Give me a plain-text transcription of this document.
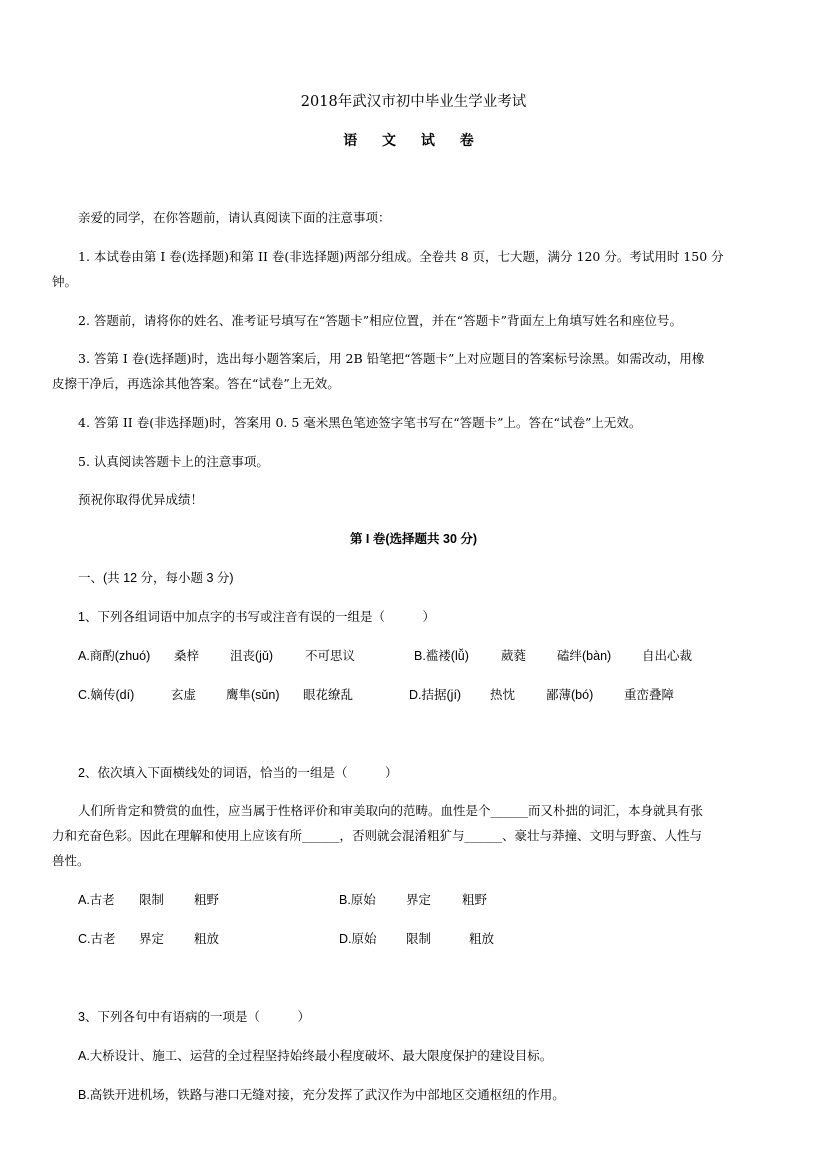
2018年武汉市初中毕业生学业考试
语 文 试 卷
亲爱的同学，在你答题前，请认真阅读下面的注意事项：
1. 本试卷由第 I 卷(选择题)和第 II 卷(非选择题)两部分组成。全卷共 8 页，七大题，满分 120 分。考试用时 150 分
钟。
2. 答题前，请将你的姓名、准考证号填写在“答题卡”相应位置，并在“答题卡”背面左上角填写姓名和座位号。
3. 答第 I 卷(选择题)时，选出每小题答案后，用 2B 铅笔把“答题卡”上对应题目的答案标号涂黑。如需改动，用橡
皮擦干净后，再选涂其他答案。答在“试卷”上无效。
4. 答第 II 卷(非选择题)时，答案用 0. 5 毫米黑色笔迹签字笔书写在“答题卡”上。答在“试卷”上无效。
5. 认真阅读答题卡上的注意事项。
预祝你取得优异成绩！
第 I 卷(选择题共 30 分)
一、(共 12 分，每小题 3 分)
1、下列各组词语中加点字的书写或注音有误的一组是（　　　）
A.商酌(zhuó) 桑梓 沮丧(jǔ)	不可思议	B.褴褛(lǚ)	葳蕤 磕绊(bàn) 自出心裁
C.嫡传(dí)	玄虚 鹰隼(sǔn) 眼花缭乱	D.拮据(jí) 热忱 鄙薄(bó) 重峦叠障
2、依次填入下面横线处的词语，恰当的一组是（　　　）
人们所肯定和赞赏的血性，应当属于性格评价和审美取向的范畴。血性是个______而又朴拙的词汇，本身就具有张
力和充奋色彩。因此在理解和使用上应该有所______，否则就会混淆粗犷与______、豪壮与莽撞、文明与野蛮、人性与
兽性。
A.古老 限制 粗野	B.原始 界定 粗野
C.古老 界定 粗放	D.原始 限制	粗放
3、下列各句中有语病的一项是（　　　）
A.大桥设计、施工、运营的全过程坚持始终最小程度破坏、最大限度保护的建设目标。
B.高铁开进机场，铁路与港口无缝对接，充分发挥了武汉作为中部地区交通枢纽的作用。
